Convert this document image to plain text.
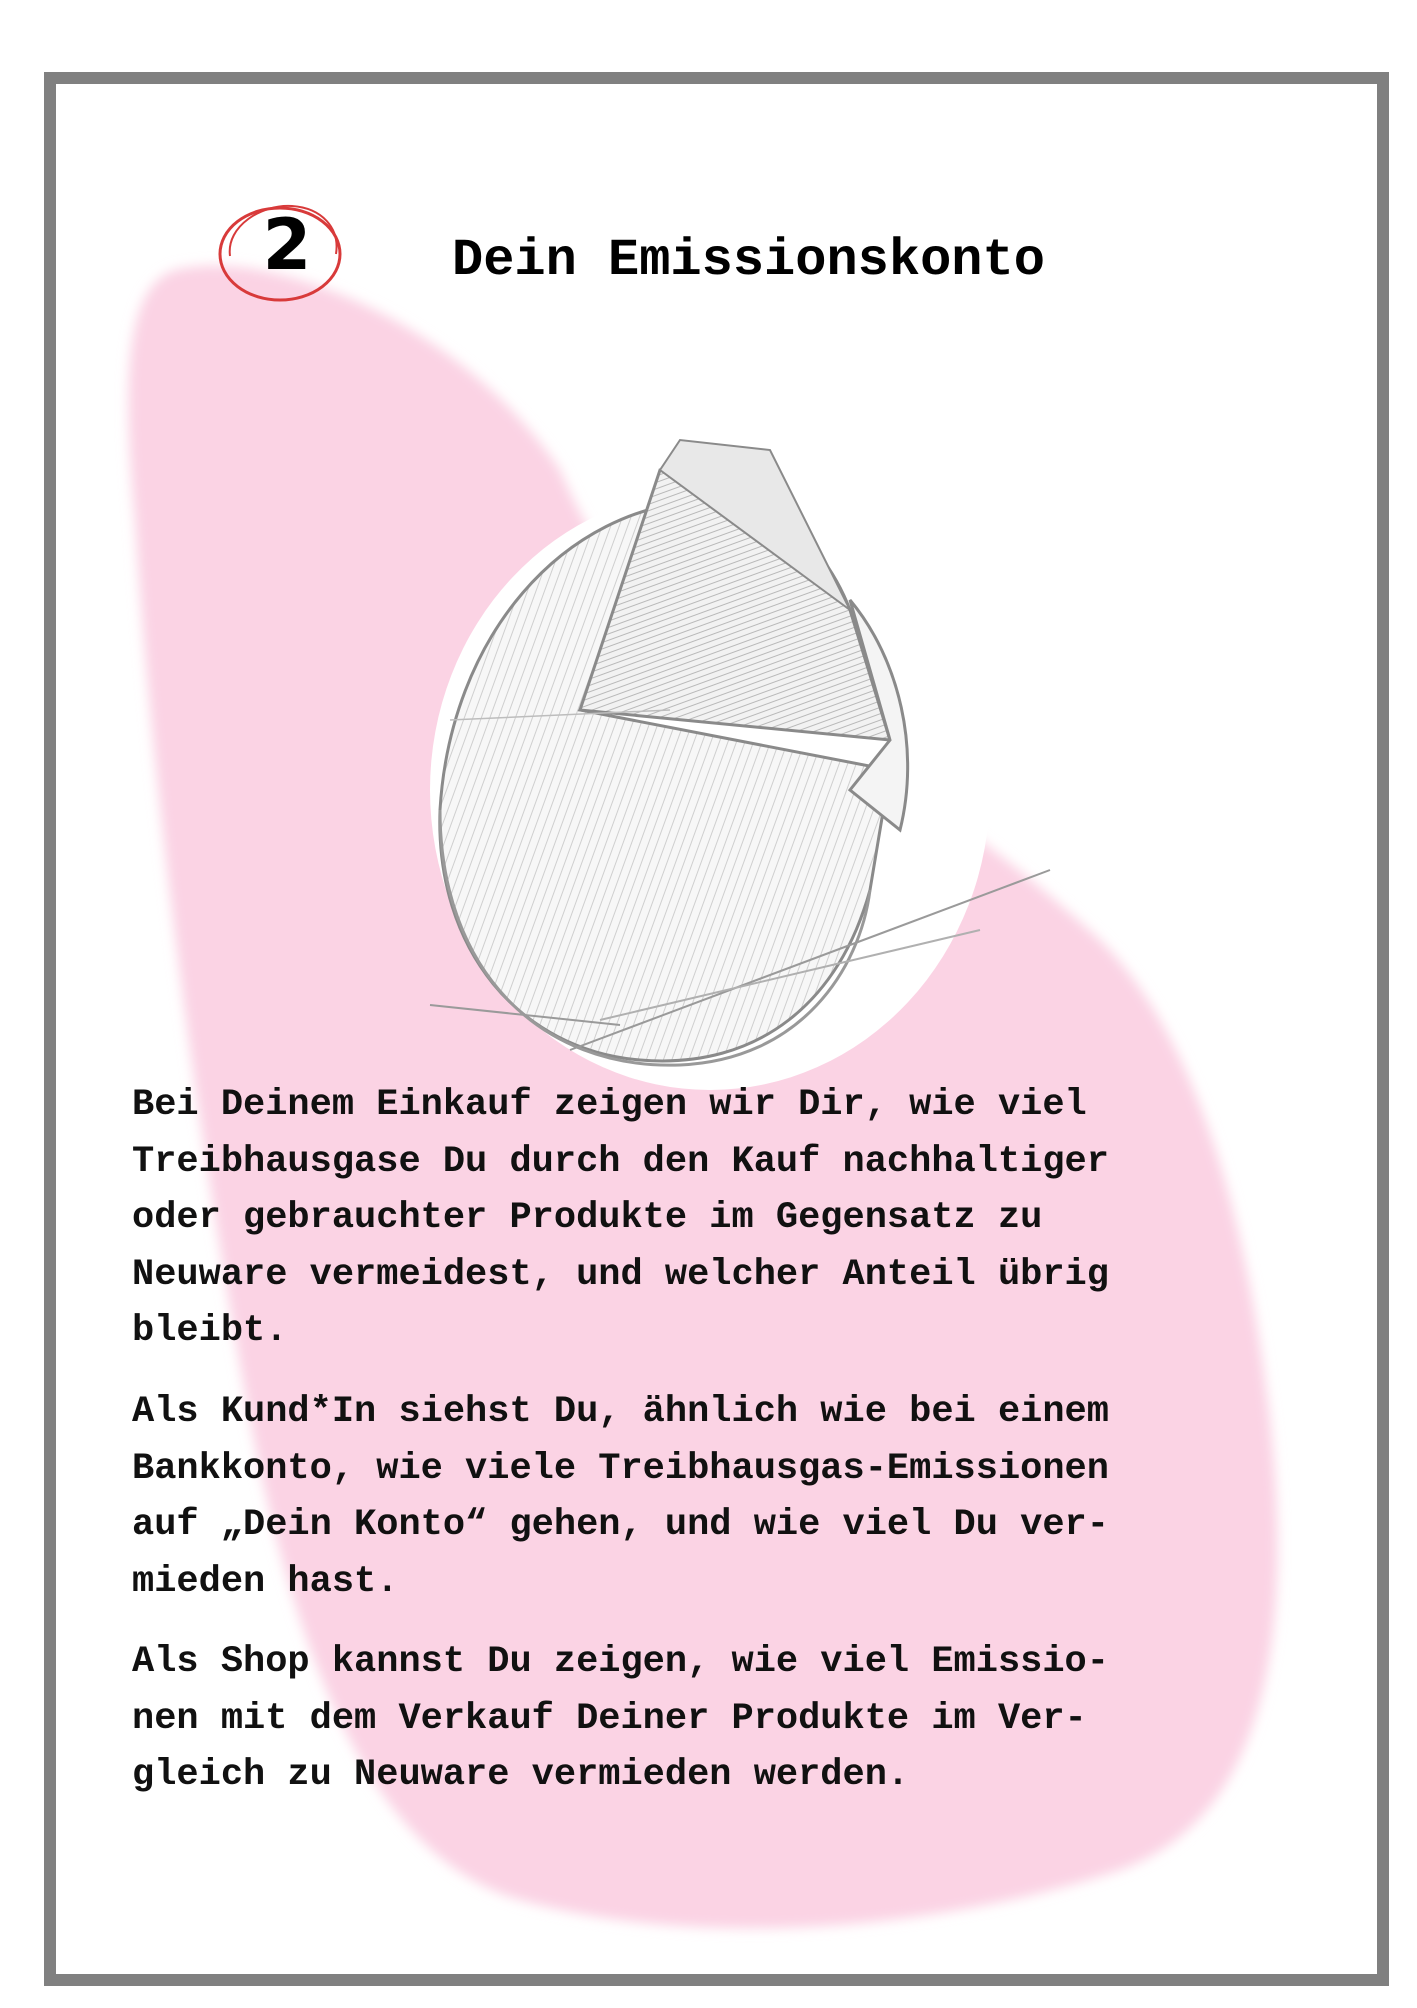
2	Dein Emissionskonto

Bei Deinem Einkauf zeigen wir Dir, wie viel
Treibhausgase Du durch den Kauf nachhaltiger
oder gebrauchter Produkte im Gegensatz zu
Neuware vermeidest, und welcher Anteil übrig
bleibt.

Als Kund*In siehst Du, ähnlich wie bei einem
Bankkonto, wie viele Treibhausgas-Emissionen
auf „Dein Konto“ gehen, und wie viel Du ver-
mieden hast.

Als Shop kannst Du zeigen, wie viel Emissio-
nen mit dem Verkauf Deiner Produkte im Ver-
gleich zu Neuware vermieden werden.
